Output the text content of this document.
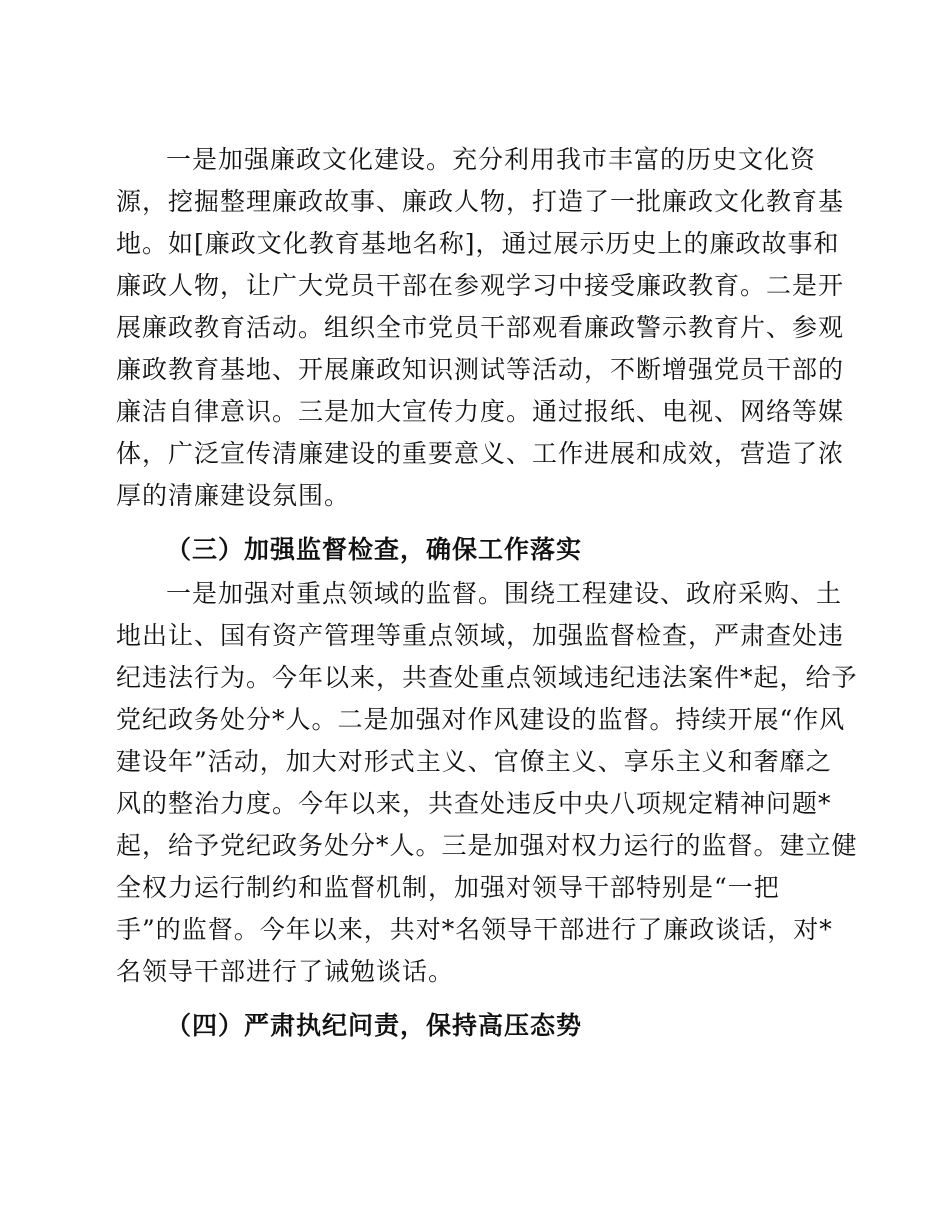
一是加强廉政文化建设。充分利用我市丰富的历史文化资
源，挖掘整理廉政故事、廉政人物，打造了一批廉政文化教育基
地。如[廉政文化教育基地名称]，通过展示历史上的廉政故事和
廉政人物，让广大党员干部在参观学习中接受廉政教育。二是开
展廉政教育活动。组织全市党员干部观看廉政警示教育片、参观
廉政教育基地、开展廉政知识测试等活动，不断增强党员干部的
廉洁自律意识。三是加大宣传力度。通过报纸、电视、网络等媒
体，广泛宣传清廉建设的重要意义、工作进展和成效，营造了浓
厚的清廉建设氛围。
（三）加强监督检查，确保工作落实
一是加强对重点领域的监督。围绕工程建设、政府采购、土
地出让、国有资产管理等重点领域，加强监督检查，严肃查处违
纪违法行为。今年以来，共查处重点领域违纪违法案件*起，给予
党纪政务处分*人。二是加强对作风建设的监督。持续开展“作风
建设年”活动，加大对形式主义、官僚主义、享乐主义和奢靡之
风的整治力度。今年以来，共查处违反中央八项规定精神问题*
起，给予党纪政务处分*人。三是加强对权力运行的监督。建立健
全权力运行制约和监督机制，加强对领导干部特别是“一把
手”的监督。今年以来，共对*名领导干部进行了廉政谈话，对*
名领导干部进行了诫勉谈话。
（四）严肃执纪问责，保持高压态势
